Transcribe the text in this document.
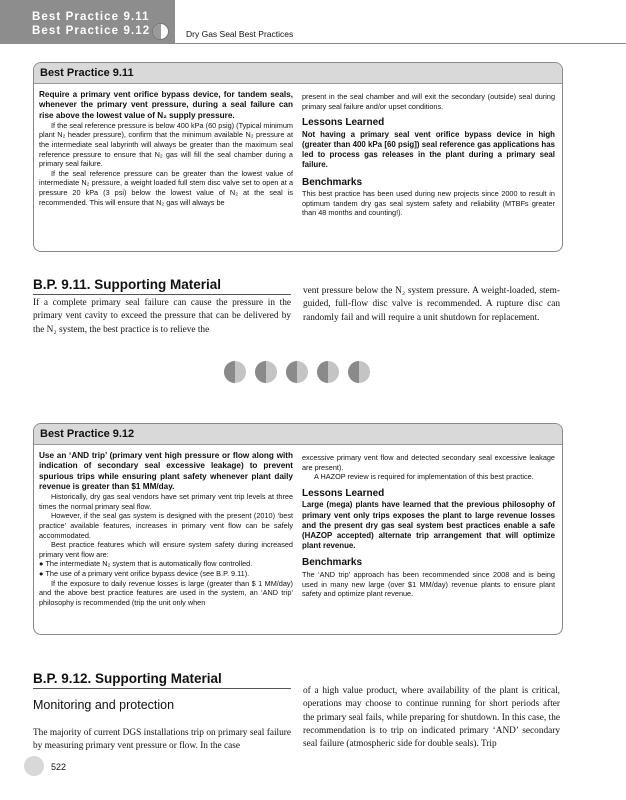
Best Practice 9.11
Best Practice 9.12	Dry Gas Seal Best Practices
Best Practice 9.11

Require a primary vent orifice bypass device, for tandem seals, whenever the primary vent pressure, during a seal failure can rise above the lowest value of N₂ supply pressure.

If the seal reference pressure is below 400 kPa (60 psig) (Typical minimum plant N₂ header pressure), confirm that the minimum available N₂ pressure at the intermediate seal labyrinth will always be greater than the maximum seal reference pressure to ensure that N₂ gas will fill the seal chamber during a primary seal failure.

If the seal reference pressure can be greater than the lowest value of intermediate N₂ pressure, a weight loaded full stem disc valve set to open at a pressure 20 kPa (3 psi) below the lowest value of N₂ at the seal is recommended. This will ensure that N₂ gas will always be

present in the seal chamber and will exit the secondary (outside) seal during primary seal failure and/or upset conditions.

Lessons Learned

Not having a primary seal vent orifice bypass device in high (greater than 400 kPa [60 psig]) seal reference gas applications has led to process gas releases in the plant during a primary seal failure.

Benchmarks

This best practice has been used during new projects since 2000 to result in optimum tandem dry gas seal system safety and reliability (MTBFs greater than 48 months and counting!).

B.P. 9.11. Supporting Material
If a complete primary seal failure can cause the pressure in the primary vent cavity to exceed the pressure that can be delivered by the N₂ system, the best practice is to relieve the
vent pressure below the N₂ system pressure. A weight-loaded, stem-guided, full-flow disc valve is recommended. A rupture disc can randomly fail and will require a unit shutdown for replacement.
Best Practice 9.12

Use an ‘AND trip’ (primary vent high pressure or flow along with indication of secondary seal excessive leakage) to prevent spurious trips while ensuring plant safety whenever plant daily revenue is greater than $1 MM/day.

Historically, dry gas seal vendors have set primary vent trip levels at three times the normal primary seal flow.

However, if the seal gas system is designed with the present (2010) ‘best practice’ available features, increases in primary vent flow can be safely accommodated.

Best practice features which will ensure system safety during increased primary vent flow are:

● The intermediate N₂ system that is automatically flow controlled.

● The use of a primary vent orifice bypass device (see B.P. 9.11).

If the exposure to daily revenue losses is large (greater than $ 1 MM/day) and the above best practice features are used in the system, an ‘AND trip’ philosophy is recommended (trip the unit only when

excessive primary vent flow and detected secondary seal excessive leakage are present).

A HAZOP review is required for implementation of this best practice.

Lessons Learned

Large (mega) plants have learned that the previous philosophy of primary vent only trips exposes the plant to large revenue losses and the present dry gas seal system best practices enable a safe (HAZOP accepted) alternate trip arrangement that will optimize plant revenue.

Benchmarks

The ‘AND trip’ approach has been recommended since 2008 and is being used in many new large (over $1 MM/day) revenue plants to ensure plant safety and optimize plant revenue.

B.P. 9.12. Supporting Material
Monitoring and protection
The majority of current DGS installations trip on primary seal failure by measuring primary vent pressure or flow. In the case
of a high value product, where availability of the plant is critical, operations may choose to continue running for short periods after the primary seal fails, while preparing for shutdown. In this case, the recommendation is to trip on indicated primary ‘AND’ secondary seal failure (atmospheric side for double seals). Trip
522
